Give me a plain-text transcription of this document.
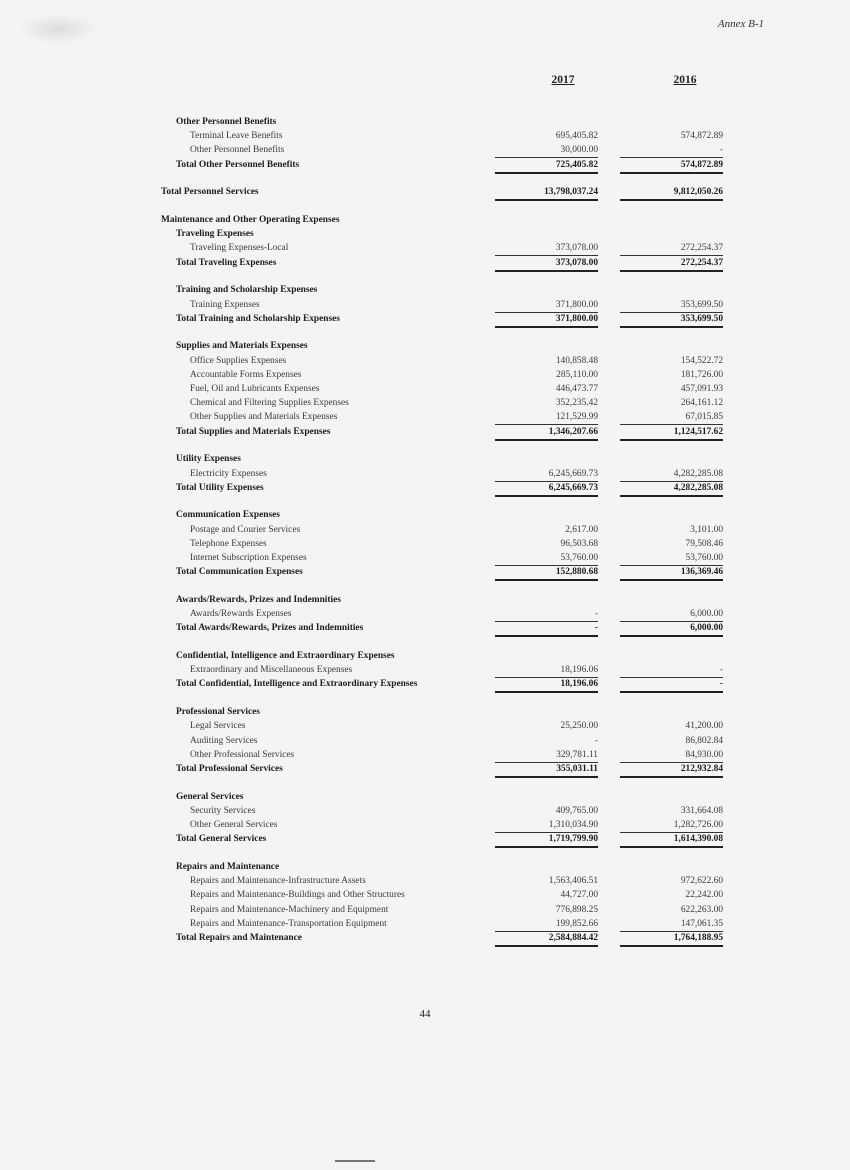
Annex B-1
2017	2016
Other Personnel Benefits
Terminal Leave Benefits	695,405.82	574,872.89
Other Personnel Benefits	30,000.00	-
Total Other Personnel Benefits	725,405.82	574,872.89
Total Personnel Services	13,798,037.24	9,812,050.26
Maintenance and Other Operating Expenses
Traveling Expenses
Traveling Expenses-Local	373,078.00	272,254.37
Total Traveling Expenses	373,078.00	272,254.37
Training and Scholarship Expenses
Training Expenses	371,800.00	353,699.50
Total Training and Scholarship Expenses	371,800.00	353,699.50
Supplies and Materials Expenses
Office Supplies Expenses	140,858.48	154,522.72
Accountable Forms Expenses	285,110.00	181,726.00
Fuel, Oil and Lubricants Expenses	446,473.77	457,091.93
Chemical and Filtering Supplies Expenses	352,235.42	264,161.12
Other Supplies and Materials Expenses	121,529.99	67,015.85
Total Supplies and Materials Expenses	1,346,207.66	1,124,517.62
Utility Expenses
Electricity Expenses	6,245,669.73	4,282,285.08
Total Utility Expenses	6,245,669.73	4,282,285.08
Communication Expenses
Postage and Courier Services	2,617.00	3,101.00
Telephone Expenses	96,503.68	79,508.46
Internet Subscription Expenses	53,760.00	53,760.00
Total Communication Expenses	152,880.68	136,369.46
Awards/Rewards, Prizes and Indemnities
Awards/Rewards Expenses	-	6,000.00
Total Awards/Rewards, Prizes and Indemnities	-	6,000.00
Confidential, Intelligence and Extraordinary Expenses
Extraordinary and Miscellaneous Expenses	18,196.06	-
Total Confidential, Intelligence and Extraordinary Expenses	18,196.06	-
Professional Services
Legal Services	25,250.00	41,200.00
Auditing Services	-	86,802.84
Other Professional Services	329,781.11	84,930.00
Total Professional Services	355,031.11	212,932.84
General Services
Security Services	409,765.00	331,664.08
Other General Services	1,310,034.90	1,282,726.00
Total General Services	1,719,799.90	1,614,390.08
Repairs and Maintenance
Repairs and Maintenance-Infrastructure Assets	1,563,406.51	972,622.60
Repairs and Maintenance-Buildings and Other Structures	44,727.00	22,242.00
Repairs and Maintenance-Machinery and Equipment	776,898.25	622,263.00
Repairs and Maintenance-Transportation Equipment	199,852.66	147,061.35
Total Repairs and Maintenance	2,584,884.42	1,764,188.95
44
